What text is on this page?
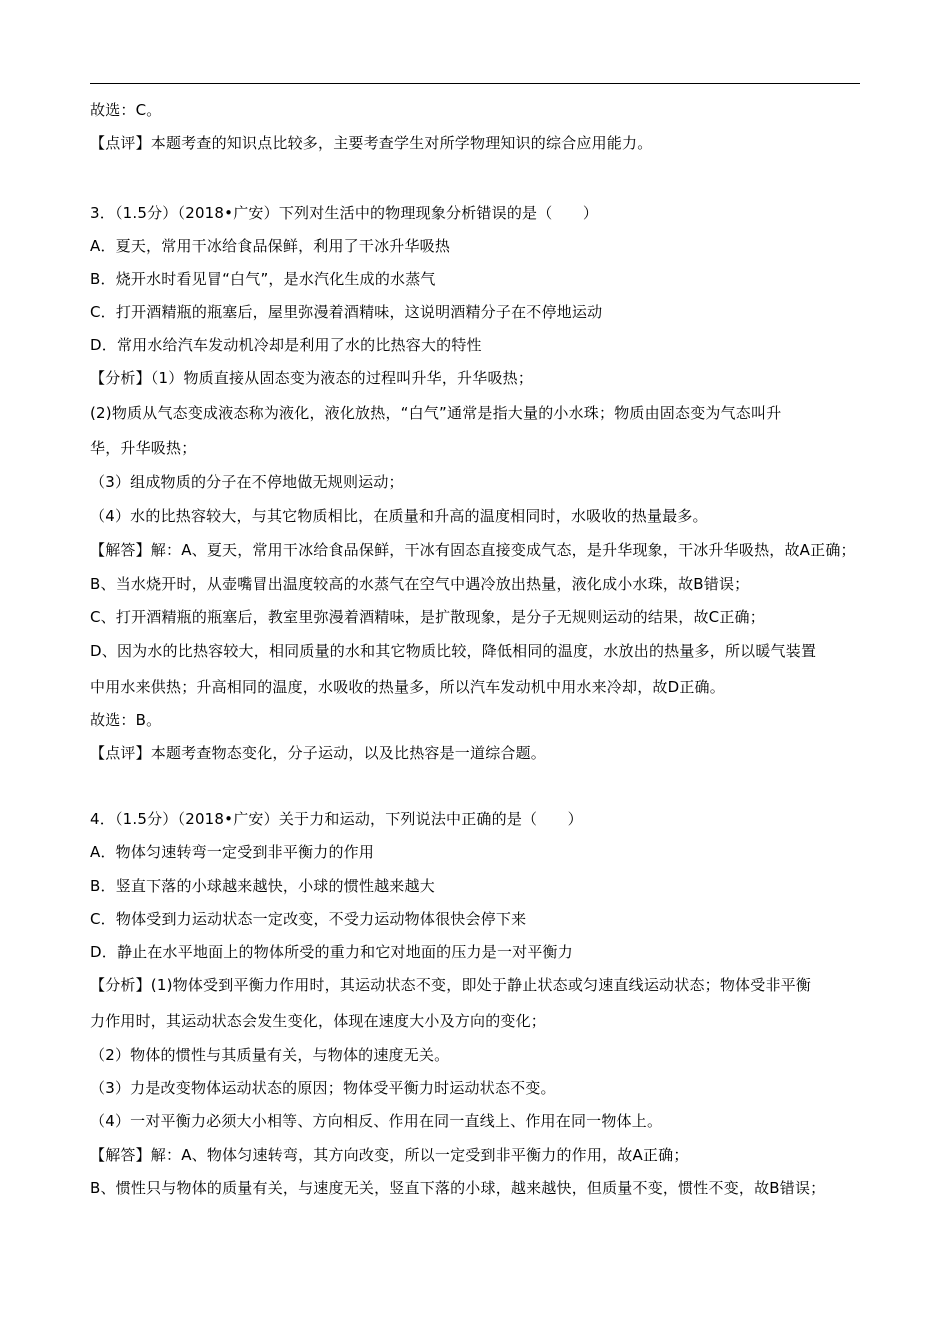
故选：C。
【点评】本题考查的知识点比较多，主要考查学生对所学物理知识的综合应用能力。
3．（1.5分）（2018•广安）下列对生活中的物理现象分析错误的是（　　）
A．夏天，常用干冰给食品保鲜，利用了干冰升华吸热
B．烧开水时看见冒“白气”，是水汽化生成的水蒸气
C．打开酒精瓶的瓶塞后，屋里弥漫着酒精味，这说明酒精分子在不停地运动
D．常用水给汽车发动机冷却是利用了水的比热容大的特性
【分析】（1）物质直接从固态变为液态的过程叫升华，升华吸热；
(2)物质从气态变成液态称为液化，液化放热，“白气”通常是指大量的小水珠；物质由固态变为气态叫升
华，升华吸热；
（3）组成物质的分子在不停地做无规则运动；
（4）水的比热容较大，与其它物质相比，在质量和升高的温度相同时，水吸收的热量最多。
【解答】解：A、夏天，常用干冰给食品保鲜，干冰有固态直接变成气态，是升华现象，干冰升华吸热，故A正确；
B、当水烧开时，从壶嘴冒出温度较高的水蒸气在空气中遇冷放出热量，液化成小水珠，故B错误；
C、打开酒精瓶的瓶塞后，教室里弥漫着酒精味，是扩散现象，是分子无规则运动的结果，故C正确；
D、因为水的比热容较大，相同质量的水和其它物质比较，降低相同的温度，水放出的热量多，所以暖气装置
中用水来供热；升高相同的温度，水吸收的热量多，所以汽车发动机中用水来冷却，故D正确。
故选：B。
【点评】本题考查物态变化，分子运动，以及比热容是一道综合题。
4．（1.5分）（2018•广安）关于力和运动，下列说法中正确的是（　　）
A．物体匀速转弯一定受到非平衡力的作用
B．竖直下落的小球越来越快，小球的惯性越来越大
C．物体受到力运动状态一定改变，不受力运动物体很快会停下来
D．静止在水平地面上的物体所受的重力和它对地面的压力是一对平衡力
【分析】(1)物体受到平衡力作用时，其运动状态不变，即处于静止状态或匀速直线运动状态；物体受非平衡
力作用时，其运动状态会发生变化，体现在速度大小及方向的变化；
（2）物体的惯性与其质量有关，与物体的速度无关。
（3）力是改变物体运动状态的原因；物体受平衡力时运动状态不变。
（4）一对平衡力必须大小相等、方向相反、作用在同一直线上、作用在同一物体上。
【解答】解：A、物体匀速转弯，其方向改变，所以一定受到非平衡力的作用，故A正确；
B、惯性只与物体的质量有关，与速度无关，竖直下落的小球，越来越快，但质量不变，惯性不变，故B错误；
